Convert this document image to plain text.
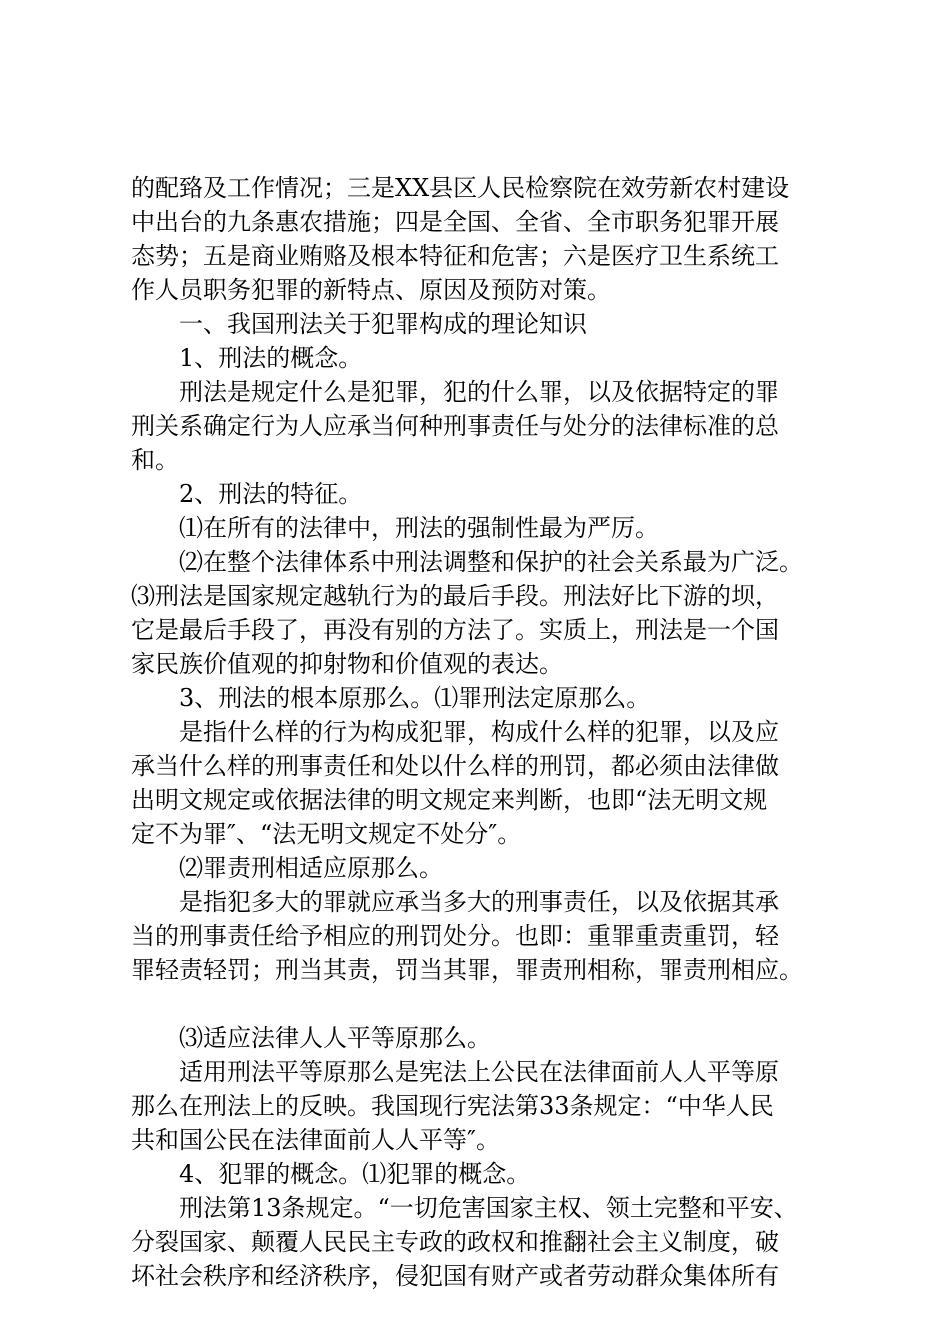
的配臵及工作情况；三是XX县区人民检察院在效劳新农村建设
中出台的九条惠农措施；四是全国、全省、全市职务犯罪开展
态势；五是商业贿赂及根本特征和危害；六是医疗卫生系统工
作人员职务犯罪的新特点、原因及预防对策。
一、我国刑法关于犯罪构成的理论知识
1、刑法的概念。
刑法是规定什么是犯罪，犯的什么罪，以及依据特定的罪
刑关系确定行为人应承当何种刑事责任与处分的法律标准的总
和。
2、刑法的特征。
⑴在所有的法律中，刑法的强制性最为严厉。
⑵在整个法律体系中刑法调整和保护的社会关系最为广泛。
⑶刑法是国家规定越轨行为的最后手段。刑法好比下游的坝，
它是最后手段了，再没有别的方法了。实质上，刑法是一个国
家民族价值观的抑射物和价值观的表达。
3、刑法的根本原那么。⑴罪刑法定原那么。
是指什么样的行为构成犯罪，构成什么样的犯罪，以及应
承当什么样的刑事责任和处以什么样的刑罚，都必须由法律做
出明文规定或依据法律的明文规定来判断，也即“法无明文规
定不为罪″、“法无明文规定不处分″。
⑵罪责刑相适应原那么。
是指犯多大的罪就应承当多大的刑事责任，以及依据其承
当的刑事责任给予相应的刑罚处分。也即：重罪重责重罚，轻
罪轻责轻罚；刑当其责，罚当其罪，罪责刑相称，罪责刑相应。
⑶适应法律人人平等原那么。
适用刑法平等原那么是宪法上公民在法律面前人人平等原
那么在刑法上的反映。我国现行宪法第33条规定：“中华人民
共和国公民在法律面前人人平等″。
4、犯罪的概念。⑴犯罪的概念。
刑法第13条规定。“一切危害国家主权、领土完整和平安、
分裂国家、颠覆人民民主专政的政权和推翻社会主义制度，破
坏社会秩序和经济秩序，侵犯国有财产或者劳动群众集体所有
